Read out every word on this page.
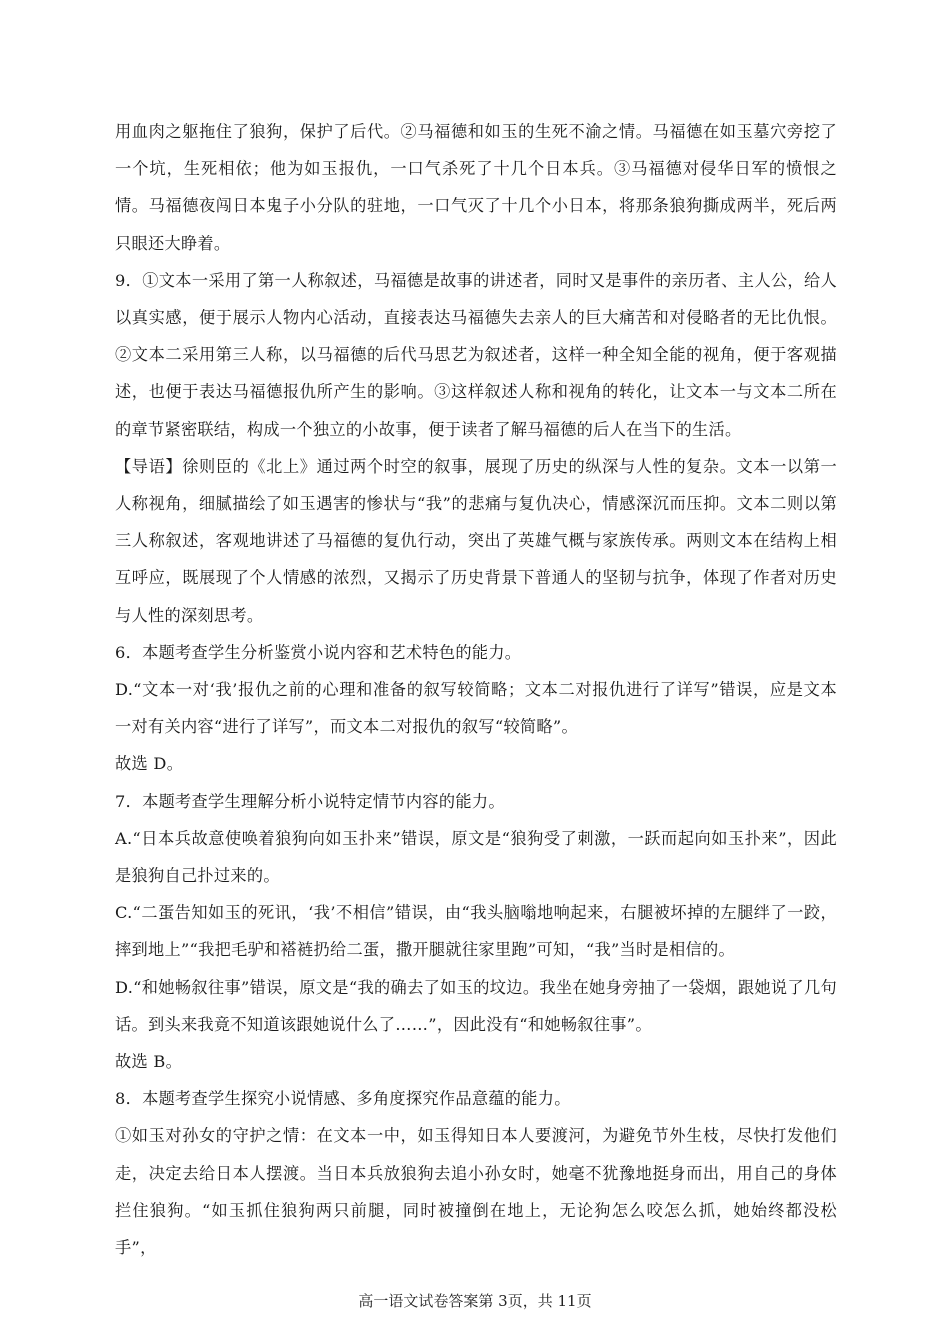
用血肉之躯拖住了狼狗，保护了后代。②马福德和如玉的生死不渝之情。马福德在如玉墓穴旁挖了一个坑，生死相依；他为如玉报仇，一口气杀死了十几个日本兵。③马福德对侵华日军的愤恨之情。马福德夜闯日本鬼子小分队的驻地，一口气灭了十几个小日本，将那条狼狗撕成两半，死后两只眼还大睁着。

9．①文本一采用了第一人称叙述，马福德是故事的讲述者，同时又是事件的亲历者、主人公，给人以真实感，便于展示人物内心活动，直接表达马福德失去亲人的巨大痛苦和对侵略者的无比仇恨。②文本二采用第三人称，以马福德的后代马思艺为叙述者，这样一种全知全能的视角，便于客观描述，也便于表达马福德报仇所产生的影响。③这样叙述人称和视角的转化，让文本一与文本二所在的章节紧密联结，构成一个独立的小故事，便于读者了解马福德的后人在当下的生活。

【导语】徐则臣的《北上》通过两个时空的叙事，展现了历史的纵深与人性的复杂。文本一以第一人称视角，细腻描绘了如玉遇害的惨状与“我”的悲痛与复仇决心，情感深沉而压抑。文本二则以第三人称叙述，客观地讲述了马福德的复仇行动，突出了英雄气概与家族传承。两则文本在结构上相互呼应，既展现了个人情感的浓烈，又揭示了历史背景下普通人的坚韧与抗争，体现了作者对历史与人性的深刻思考。

6．本题考查学生分析鉴赏小说内容和艺术特色的能力。

D.“文本一对‘我’报仇之前的心理和准备的叙写较简略；文本二对报仇进行了详写”错误，应是文本一对有关内容“进行了详写”，而文本二对报仇的叙写“较简略”。

故选 D。

7．本题考查学生理解分析小说特定情节内容的能力。

A.“日本兵故意使唤着狼狗向如玉扑来”错误，原文是“狼狗受了刺激，一跃而起向如玉扑来”，因此是狼狗自己扑过来的。

C.“二蛋告知如玉的死讯，‘我’不相信”错误，由“我头脑嗡地响起来，右腿被坏掉的左腿绊了一跤，摔到地上”“我把毛驴和褡裢扔给二蛋，撒开腿就往家里跑”可知，“我”当时是相信的。

D.“和她畅叙往事”错误，原文是“我的确去了如玉的坟边。我坐在她身旁抽了一袋烟，跟她说了几句话。到头来我竟不知道该跟她说什么了……”，因此没有“和她畅叙往事”。

故选 B。

8．本题考查学生探究小说情感、多角度探究作品意蕴的能力。

①如玉对孙女的守护之情：在文本一中，如玉得知日本人要渡河，为避免节外生枝，尽快打发他们走，决定去给日本人摆渡。当日本兵放狼狗去追小孙女时，她毫不犹豫地挺身而出，用自己的身体拦住狼狗。“如玉抓住狼狗两只前腿，同时被撞倒在地上，无论狗怎么咬怎么抓，她始终都没松手”，

高一语文试卷答案第 3页，共 11页
